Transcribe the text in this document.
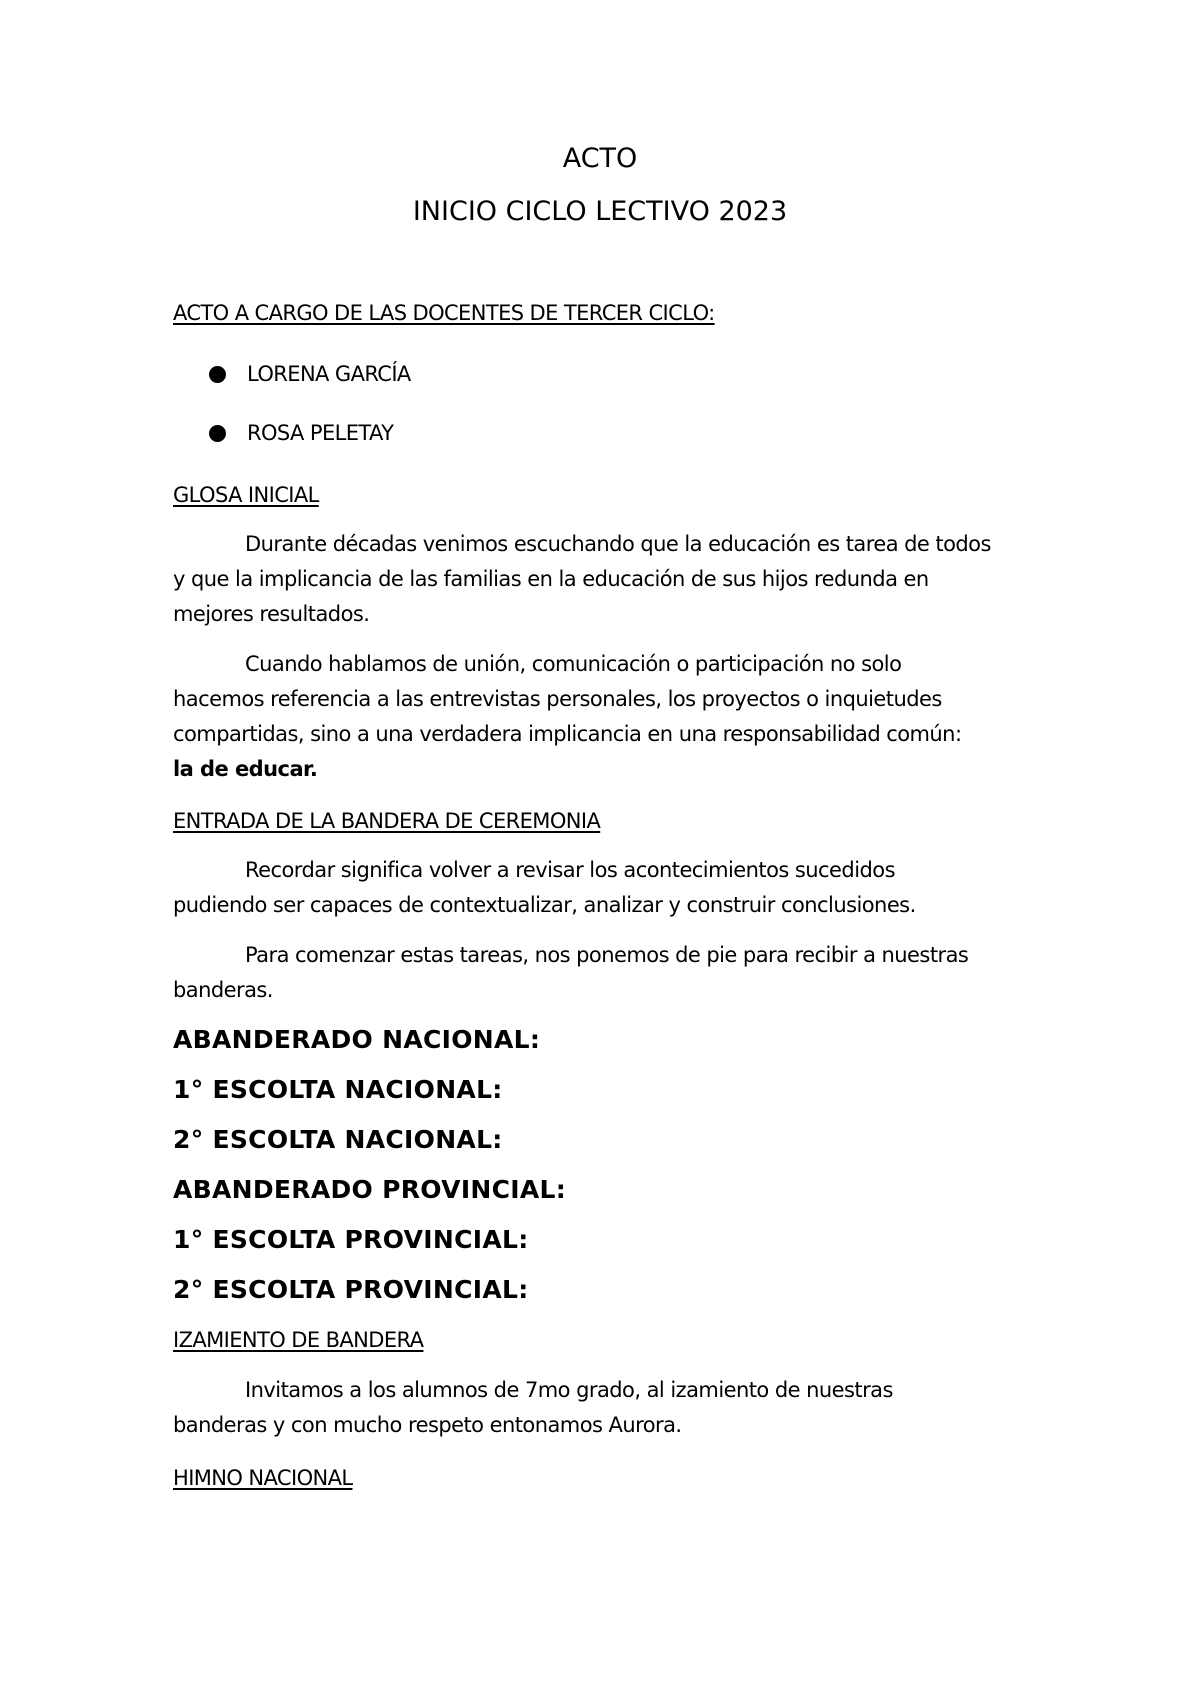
ACTO
INICIO CICLO LECTIVO 2023
ACTO A CARGO DE LAS DOCENTES DE TERCER CICLO:
LORENA GARCÍA
ROSA PELETAY
GLOSA INICIAL
Durante décadas venimos escuchando que la educación es tarea de todos
y que la implicancia de las familias en la educación de sus hijos redunda en
mejores resultados.
Cuando hablamos de unión, comunicación o participación no solo
hacemos referencia a las entrevistas personales, los proyectos o inquietudes
compartidas, sino a una verdadera implicancia en una responsabilidad común:
la de educar.
ENTRADA DE LA BANDERA DE CEREMONIA
Recordar significa volver a revisar los acontecimientos sucedidos
pudiendo ser capaces de contextualizar, analizar y construir conclusiones.
Para comenzar estas tareas, nos ponemos de pie para recibir a nuestras
banderas.
ABANDERADO NACIONAL:
1° ESCOLTA NACIONAL:
2° ESCOLTA NACIONAL:
ABANDERADO PROVINCIAL:
1° ESCOLTA PROVINCIAL:
2° ESCOLTA PROVINCIAL:
IZAMIENTO DE BANDERA
Invitamos a los alumnos de 7mo grado, al izamiento de nuestras
banderas y con mucho respeto entonamos Aurora.
HIMNO NACIONAL
